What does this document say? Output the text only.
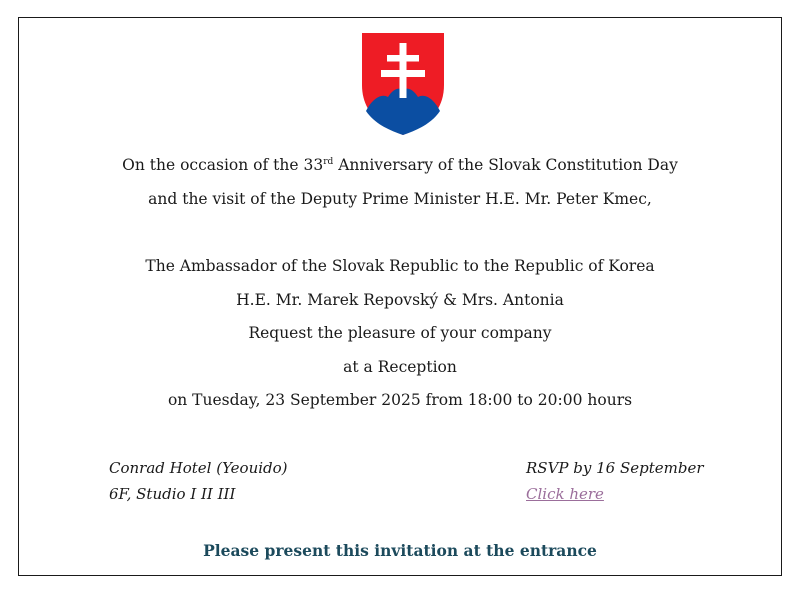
On the occasion of the 33rd Anniversary of the Slovak Constitution Day
and the visit of the Deputy Prime Minister H.E. Mr. Peter Kmec,
The Ambassador of the Slovak Republic to the Republic of Korea
H.E. Mr. Marek Repovský & Mrs. Antonia
Request the pleasure of your company
at a Reception
on Tuesday, 23 September 2025 from 18:00 to 20:00 hours
Conrad Hotel (Yeouido)
6F, Studio I II III
RSVP by 16 September
Click here
Please present this invitation at the entrance
